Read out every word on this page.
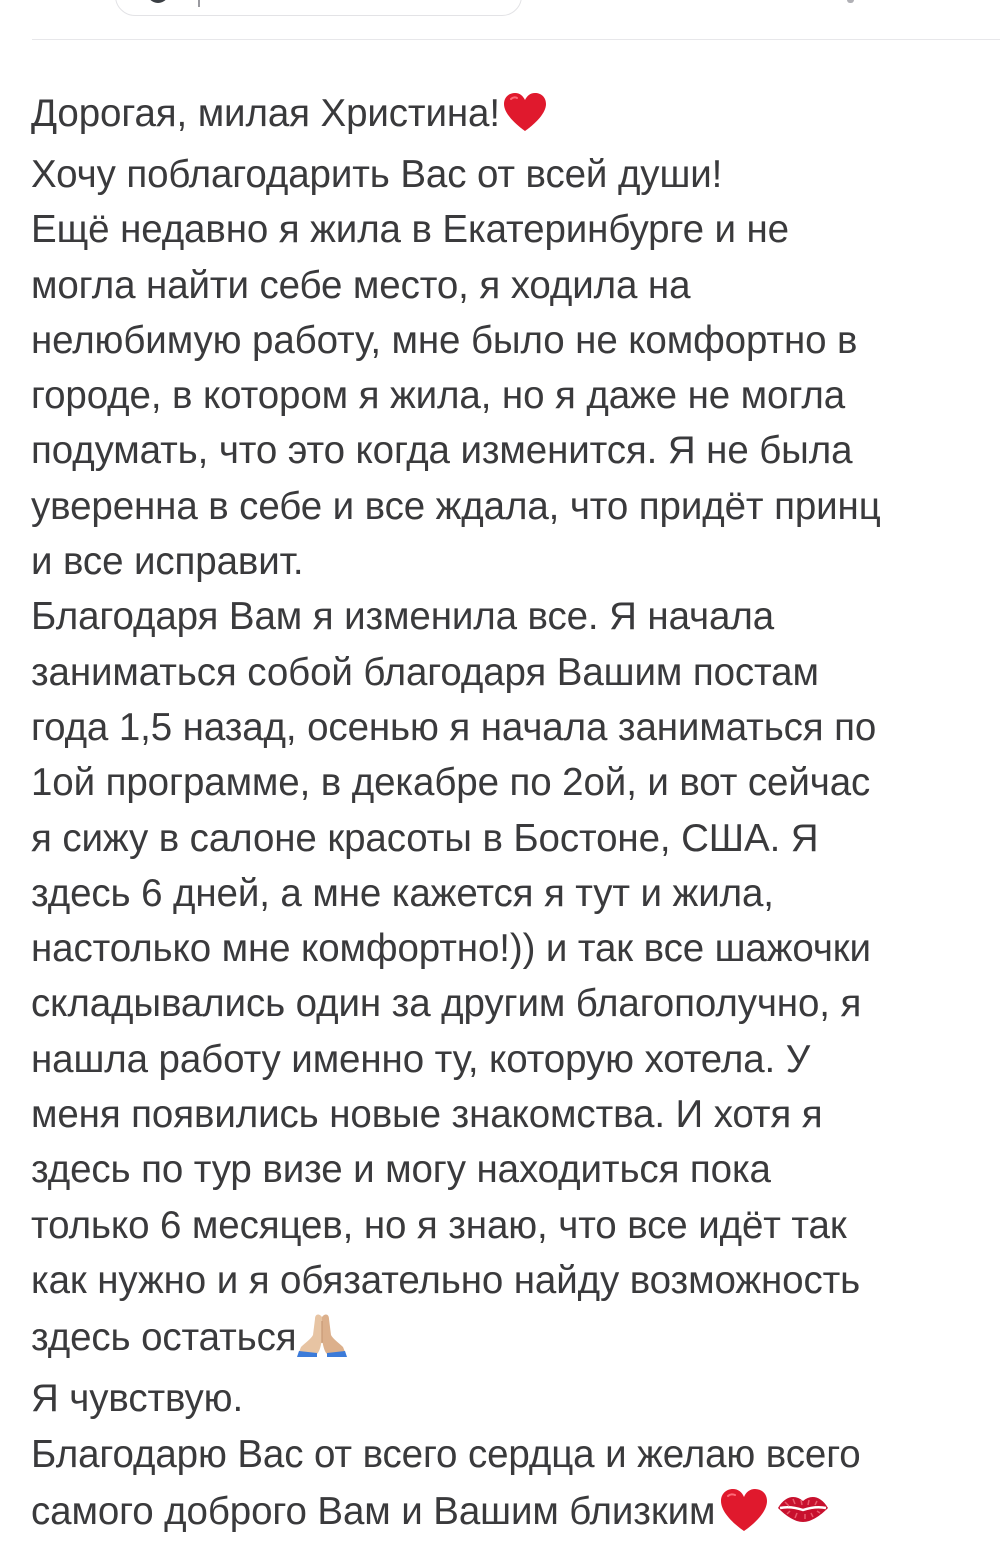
Дорогая, милая Христина!
Хочу поблагодарить Вас от всей души!
Ещё недавно я жила в Екатеринбурге и не
могла найти себе место, я ходила на
нелюбимую работу, мне было не комфортно в
городе, в котором я жила, но я даже не могла
подумать, что это когда изменится. Я не была
уверенна в себе и все ждала, что придёт принц
и все исправит.
Благодаря Вам я изменила все. Я начала
заниматься собой благодаря Вашим постам
года 1,5 назад, осенью я начала заниматься по
1ой программе, в декабре по 2ой, и вот сейчас
я сижу в салоне красоты в Бостоне, США. Я
здесь 6 дней, а мне кажется я тут и жила,
настолько мне комфортно!)) и так все шажочки
складывались один за другим благополучно, я
нашла работу именно ту, которую хотела. У
меня появились новые знакомства. И хотя я
здесь по тур визе и могу находиться пока
только 6 месяцев, но я знаю, что все идёт так
как нужно и я обязательно найду возможность
здесь остаться
Я чувствую.
Благодарю Вас от всего сердца и желаю всего
самого доброго Вам и Вашим близким
